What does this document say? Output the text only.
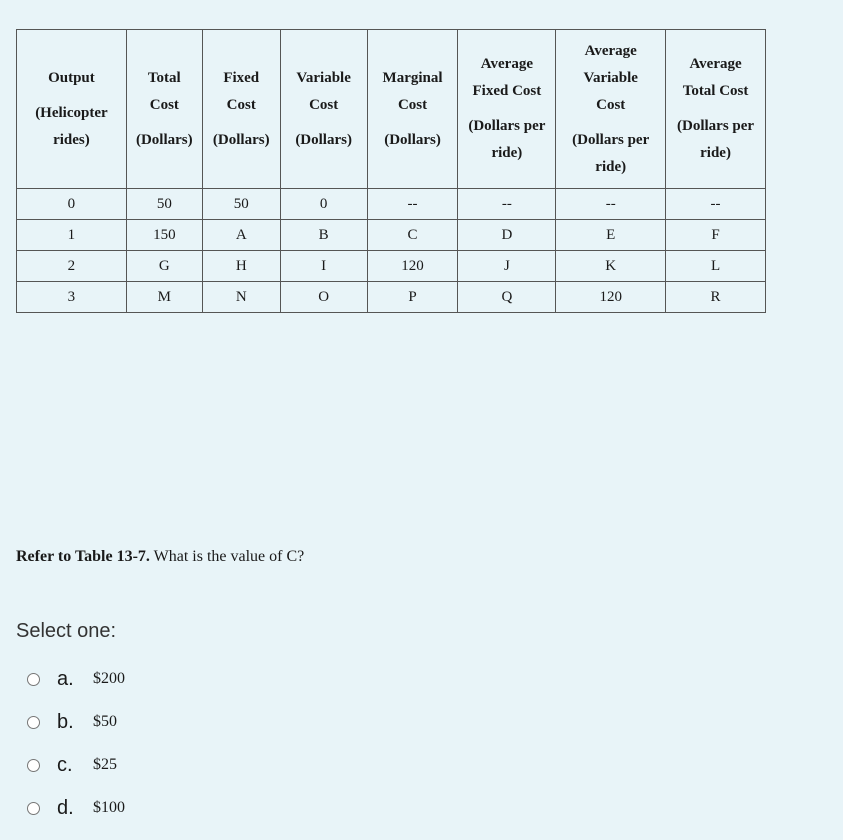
Output
(Helicopter
rides)	Total
Cost
(Dollars)	Fixed
Cost
(Dollars)	Variable
Cost
(Dollars)	Marginal
Cost
(Dollars)	Average
Fixed Cost
(Dollars per
ride)	Average
Variable
Cost
(Dollars per
ride)	Average
Total Cost
(Dollars per
ride)

0	50	50	0	--	--	--	--
1	150	A	B	C	D	E	F
2	G	H	I	120	J	K	L
3	M	N	O	P	Q	120	R
Refer to Table 13-7. What is the value of C?
Select one:
a.	$200
b.	$50
c.	$25
d.	$100
